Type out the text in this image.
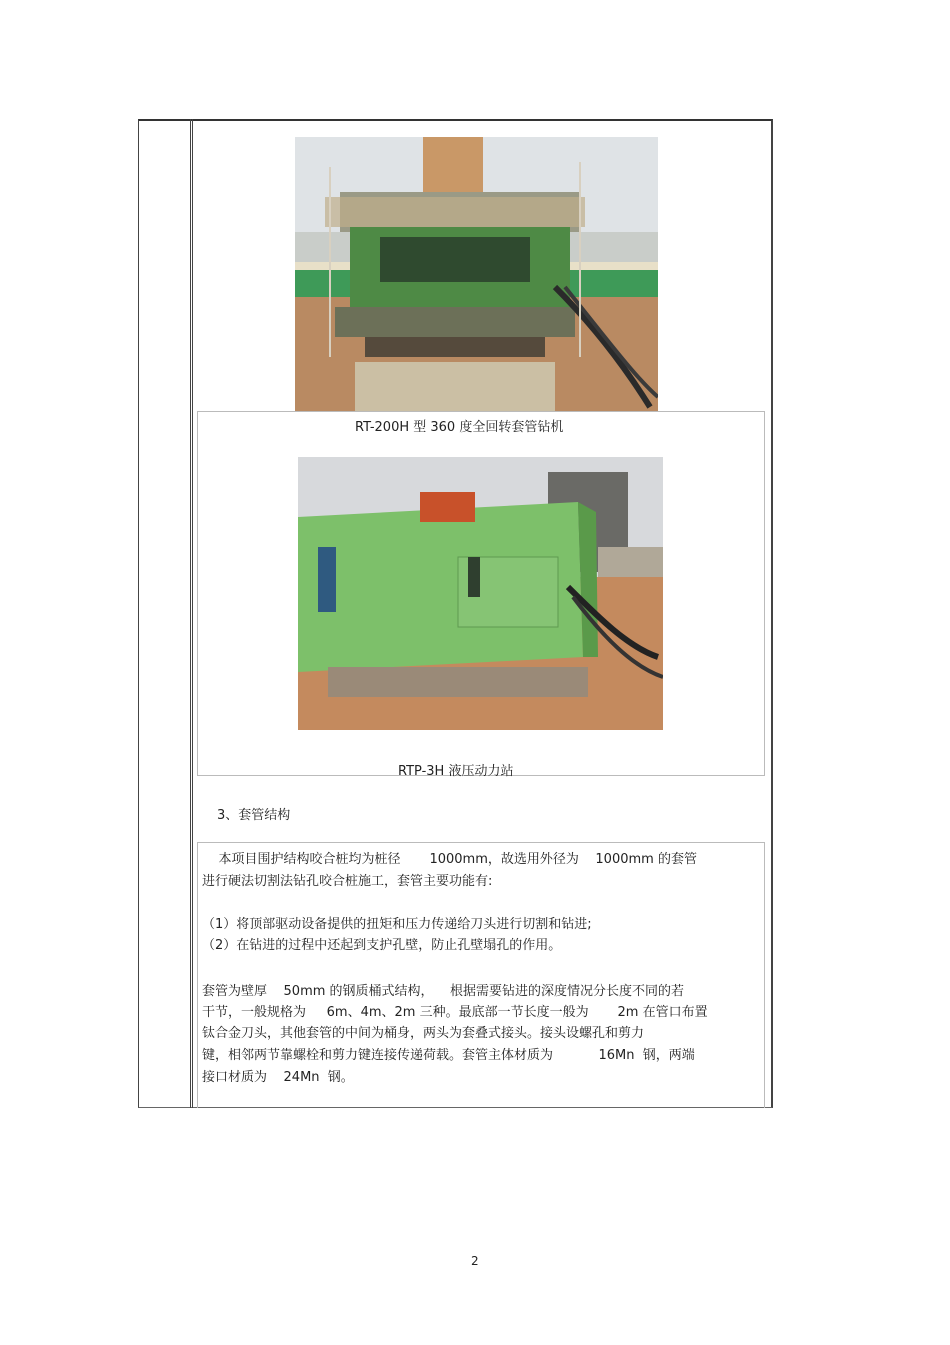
RT-200H 型 360 度全回转套管钻机
RTP-3H 液压动力站
3、套管结构
本项目围护结构咬合桩均为桩径       1000mm，故选用外径为    1000mm 的套管
进行硬法切割法钻孔咬合桩施工，套管主要功能有:
（1）将顶部驱动设备提供的扭矩和压力传递给刀头进行切割和钻进;
（2）在钻进的过程中还起到支护孔壁，防止孔壁塌孔的作用。
套管为壁厚    50mm 的钢质桶式结构，    根据需要钻进的深度情况分长度不同的若
干节，一般规格为     6m、4m、2m 三种。最底部一节长度一般为       2m 在管口布置
钛合金刀头，其他套管的中间为桶身，两头为套叠式接头。接头设螺孔和剪力
键，相邻两节靠螺栓和剪力键连接传递荷载。套管主体材质为           16Mn  钢，两端
接口材质为    24Mn  钢。
2
